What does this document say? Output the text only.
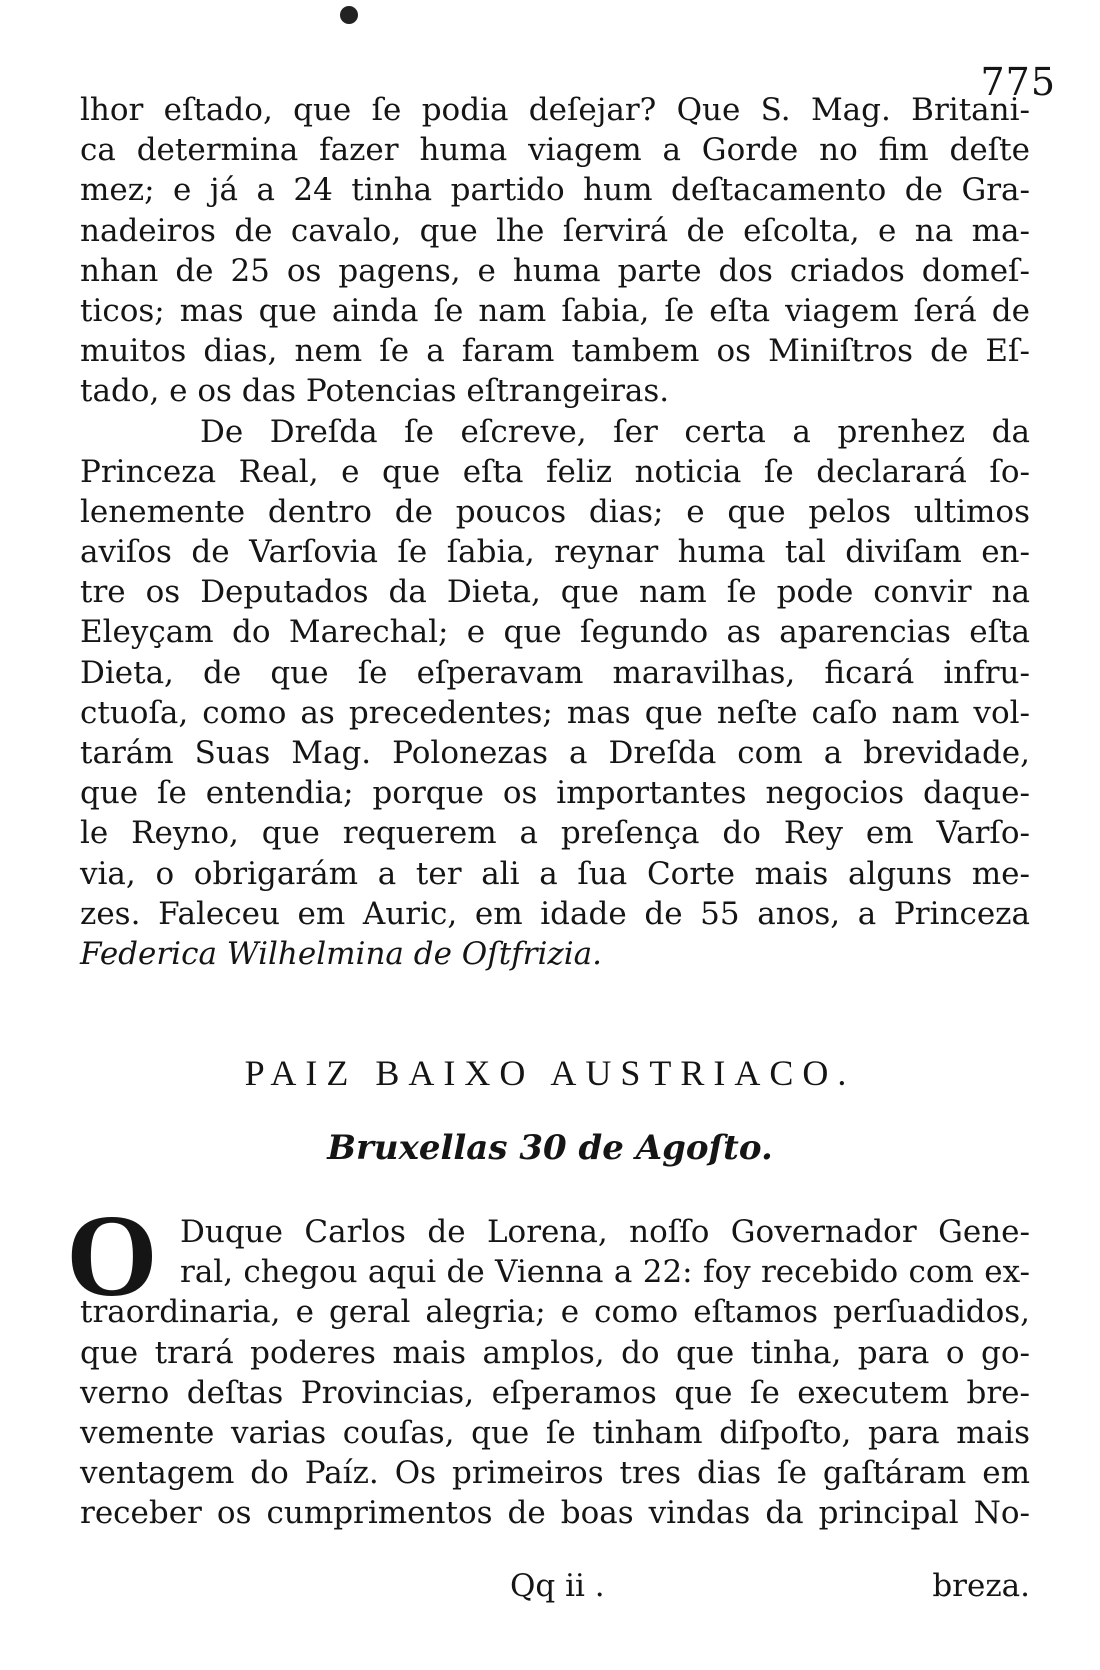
775
lhor eſtado, que ſe podia deſejar? Que S. Mag. Britani-
ca determina fazer huma viagem a Gorde no fim deſte
mez; e já a 24 tinha partido hum deſtacamento de Gra-
nadeiros de cavalo, que lhe ſervirá de eſcolta, e na ma-
nhan de 25 os pagens, e huma parte dos criados domeſ-
ticos; mas que ainda ſe nam ſabia, ſe eſta viagem ſerá de
muitos dias, nem ſe a faram tambem os Miniſtros de Eſ-
tado, e os das Potencias eſtrangeiras.
De Dreſda ſe eſcreve, ſer certa a prenhez da
Princeza Real, e que eſta feliz noticia ſe declarará ſo-
lenemente dentro de poucos dias; e que pelos ultimos
aviſos de Varſovia ſe ſabia, reynar huma tal diviſam en-
tre os Deputados da Dieta, que nam ſe pode convir na
Eleyçam do Marechal; e que ſegundo as aparencias eſta
Dieta, de que ſe eſperavam maravilhas, ficará infru-
ctuoſa, como as precedentes; mas que neſte caſo nam vol-
tarám Suas Mag. Polonezas a Dreſda com a brevidade,
que ſe entendia; porque os importantes negocios daque-
le Reyno, que requerem a preſença do Rey em Varſo-
via, o obrigarám a ter ali a ſua Corte mais alguns me-
zes. Faleceu em Auric, em idade de 55 anos, a Princeza
Federica Wilhelmina de Oſtfrizia.
PAIZ BAIXO AUSTRIACO.
Bruxellas 30 de Agoſto.
O Duque Carlos de Lorena, noſſo Governador Gene-
ral, chegou aqui de Vienna a 22: foy recebido com ex-
traordinaria, e geral alegria; e como eſtamos perſuadidos,
que trará poderes mais amplos, do que tinha, para o go-
verno deſtas Provincias, eſperamos que ſe executem bre-
vemente varias couſas, que ſe tinham diſpoſto, para mais
ventagem do Paíz. Os primeiros tres dias ſe gaſtáram em
receber os cumprimentos de boas vindas da principal No-
Qq ii .	breza.
